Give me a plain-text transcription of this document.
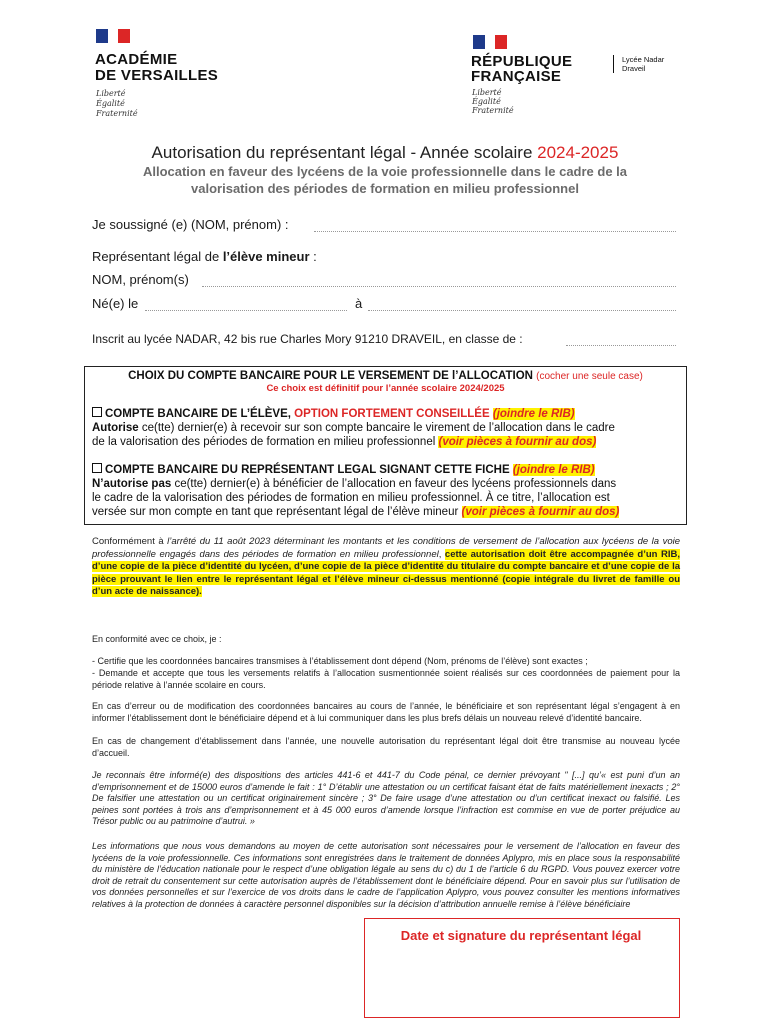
ACADÉMIE
DE VERSAILLES
Liberté
Égalité
Fraternité
RÉPUBLIQUE
FRANÇAISE
Liberté
Égalité
Fraternité
Lycée Nadar
Draveil
Autorisation du représentant légal - Année scolaire 2024-2025
Allocation en faveur des lycéens de la voie professionnelle dans le cadre de la
valorisation des périodes de formation en milieu professionnel
Je soussigné (e) (NOM, prénom) :
Représentant légal de l’élève mineur :
NOM, prénom(s)
Né(e) le	à
Inscrit au lycée NADAR, 42 bis rue Charles Mory 91210 DRAVEIL, en classe de :
CHOIX DU COMPTE BANCAIRE POUR LE VERSEMENT DE l’ALLOCATION (cocher une seule case)
Ce choix est définitif pour l’année scolaire 2024/2025
COMPTE BANCAIRE DE L’ÉLÈVE, OPTION FORTEMENT CONSEILLÉE (joindre le RIB)
Autorise ce(tte) dernier(e) à recevoir sur son compte bancaire le virement de l’allocation dans le cadre
de la valorisation des périodes de formation en milieu professionnel (voir pièces à fournir au dos)
COMPTE BANCAIRE DU REPRÉSENTANT LEGAL SIGNANT CETTE FICHE (joindre le RIB)
N’autorise pas ce(tte) dernier(e) à bénéficier de l’allocation en faveur des lycéens professionnels dans
le cadre de la valorisation des périodes de formation en milieu professionnel. À ce titre, l’allocation est
versée sur mon compte en tant que représentant légal de l’élève mineur (voir pièces à fournir au dos)
Conformément à l’arrêté du 11 août 2023 déterminant les montants et les conditions de versement de l’allocation aux lycéens de la voie professionnelle engagés dans des périodes de formation en milieu professionnel, cette autorisation doit être accompagnée d’un RIB, d’une copie de la pièce d’identité du lycéen, d’une copie de la pièce d’identité du titulaire du compte bancaire et d’une copie de la pièce prouvant le lien entre le représentant légal et l’élève mineur ci-dessus mentionné (copie intégrale du livret de famille ou d’un acte de naissance).
En conformité avec ce choix, je :
- Certifie que les coordonnées bancaires transmises à l’établissement dont dépend (Nom, prénoms de l’élève) sont exactes ;
- Demande et accepte que tous les versements relatifs à l’allocation susmentionnée soient réalisés sur ces coordonnées de paiement pour la période relative à l’année scolaire en cours.
En cas d’erreur ou de modification des coordonnées bancaires au cours de l’année, le bénéficiaire et son représentant légal s’engagent à en informer l’établissement dont le bénéficiaire dépend et à lui communiquer dans les plus brefs délais un nouveau relevé d’identité bancaire.
En cas de changement d’établissement dans l’année, une nouvelle autorisation du représentant légal doit être transmise au nouveau lycée d’accueil.
Je reconnais être informé(e) des dispositions des articles 441-6 et 441-7 du Code pénal, ce dernier prévoyant " [...] qu’« est puni d’un an d’emprisonnement et de 15000 euros d’amende le fait : 1° D’établir une attestation ou un certificat faisant état de faits matériellement inexacts ; 2° De falsifier une attestation ou un certificat originairement sincère ; 3° De faire usage d’une attestation ou d’un certificat inexact ou falsifié. Les peines sont portées à trois ans d’emprisonnement et à 45 000 euros d’amende lorsque l’infraction est commise en vue de porter préjudice au Trésor public ou au patrimoine d’autrui. »
Les informations que nous vous demandons au moyen de cette autorisation sont nécessaires pour le versement de l’allocation en faveur des lycéens de la voie professionnelle. Ces informations sont enregistrées dans le traitement de données Aplypro, mis en place sous la responsabilité du ministère de l’éducation nationale pour le respect d’une obligation légale au sens du c) du 1 de l’article 6 du RGPD. Vous pouvez exercer votre droit de retrait du consentement sur cette autorisation auprès de l’établissement dont le bénéficiaire dépend. Pour en savoir plus sur l’utilisation de vos données personnelles et sur l’exercice de vos droits dans le cadre de l’application Aplypro, vous pouvez consulter les mentions informatives relatives à la protection de données à caractère personnel disponibles sur la décision d’attribution annuelle remise à l’élève bénéficiaire
Date et signature du représentant légal
